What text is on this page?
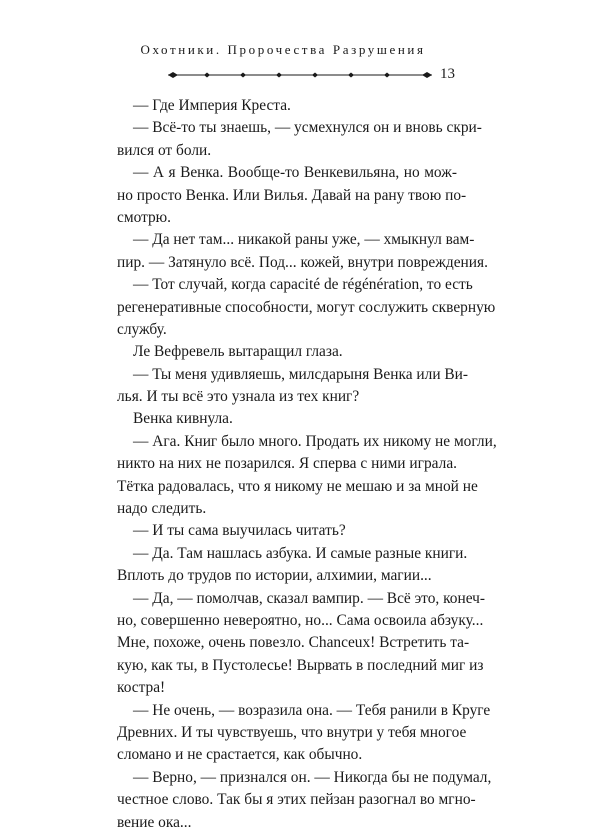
Охотники. Пророчества Разрушения
13
— Где Империя Креста.
— Всё-то ты знаешь, — усмехнулся он и вновь скри-
вился от боли.
— А я Венка. Вообще-то Венкевильяна, но мож-
но просто Венка. Или Вилья. Давай на рану твою по-
смотрю.
— Да нет там... никакой раны уже, — хмыкнул вам-
пир. — Затянуло всё. Под... кожей, внутри повреждения.
— Тот случай, когда capacité de régénération, то есть
регенеративные способности, могут сослужить скверную
службу.
Ле Вефревель вытаращил глаза.
— Ты меня удивляешь, милсдарыня Венка или Ви-
лья. И ты всё это узнала из тех книг?
Венка кивнула.
— Ага. Книг было много. Продать их никому не могли,
никто на них не позарился. Я сперва с ними играла.
Тётка радовалась, что я никому не мешаю и за мной не
надо следить.
— И ты сама выучилась читать?
— Да. Там нашлась азбука. И самые разные книги.
Вплоть до трудов по истории, алхимии, магии...
— Да, — помолчав, сказал вампир. — Всё это, конеч-
но, совершенно невероятно, но... Сама освоила абзуку...
Мне, похоже, очень повезло. Chanceux! Встретить та-
кую, как ты, в Пустолесье! Вырвать в последний миг из
костра!
— Не очень, — возразила она. — Тебя ранили в Круге
Древних. И ты чувствуешь, что внутри у тебя многое
сломано и не срастается, как обычно.
— Верно, — признался он. — Никогда бы не подумал,
честное слово. Так бы я этих пейзан разогнал во мгно-
вение ока...
